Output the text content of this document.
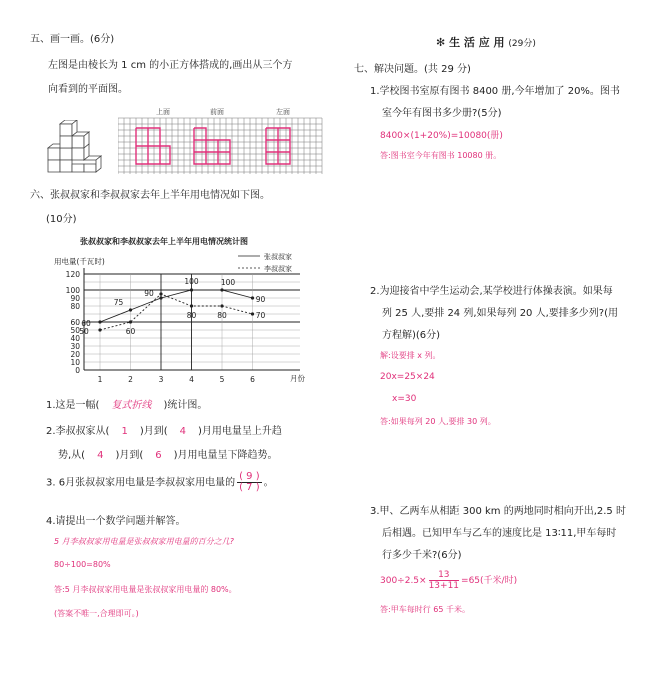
五、画一画。(6分)
左图是由棱长为 1 cm 的小正方体搭成的,画出从三个方
向看到的平面图。
上面	前面	左面
六、张叔叔家和李叔叔家去年上半年用电情况如下图。
(10分)
张叔叔家和李叔叔家去年上半年用电情况统计图
用电量(千瓦时)
月份
张叔叔家
李叔叔家
0
10
20
30
40
50
60
80
90
100
120
1	2	3	4	5	6
60
75
90
100	100
90
50	60
80	80	70
1.这是一幅( 复式折线 )统计图。
2.李叔叔家从( 1 )月到( 4 )月用电量呈上升趋
势,从( 4 )月到( 6 )月用电量呈下降趋势。
3. 6月张叔叔家用电量是李叔叔家用电量的 $\frac{( 9 )}{( 7 )}$ 。
4.请提出一个数学问题并解答。
5 月李叔叔家用电量是张叔叔家用电量的百分之几?
80÷100=80%
答:5 月李叔叔家用电量是张叔叔家用电量的 80%。
(答案不唯一,合理即可。)
✻ 生 活 应 用 (29分)
七、解决问题。(共 29 分)
1.学校图书室原有图书 8400 册,今年增加了 20%。图书
室今年有图书多少册?(5分)
8400×(1+20%)=10080(册)
答:图书室今年有图书 10080 册。
2.为迎接省中学生运动会,某学校进行体操表演。如果每
列 25 人,要排 24 列,如果每列 20 人,要排多少列?(用
方程解)(6分)
解:设要排 x 列。
20x=25×24
x=30
答:如果每列 20 人,要排 30 列。
3.甲、乙两车从相距 300 km 的两地同时相向开出,2.5 时
后相遇。已知甲车与乙车的速度比是 13∶11,甲车每时
行多少千米?(6分)
$300\div 2.5\times \frac{13}{13+11} =65$(千米/时)
答:甲车每时行 65 千米。
